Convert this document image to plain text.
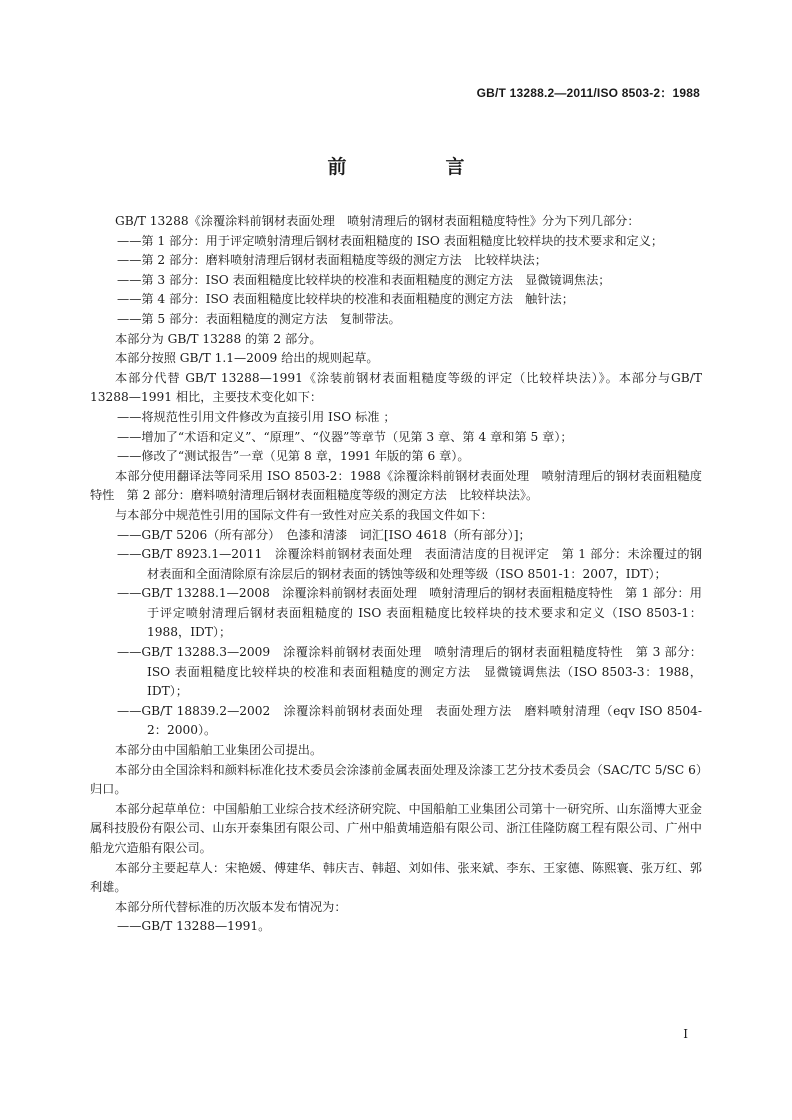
GB/T 13288.2—2011/ISO 8503-2：1988
前　言

GB/T 13288《涂覆涂料前钢材表面处理　喷射清理后的钢材表面粗糙度特性》分为下列几部分：

——第 1 部分：用于评定喷射清理后钢材表面粗糙度的 ISO 表面粗糙度比较样块的技术要求和定义；

——第 2 部分：磨料喷射清理后钢材表面粗糙度等级的测定方法　比较样块法；

——第 3 部分：ISO 表面粗糙度比较样块的校准和表面粗糙度的测定方法　显微镜调焦法；

——第 4 部分：ISO 表面粗糙度比较样块的校准和表面粗糙度的测定方法　触针法；

——第 5 部分：表面粗糙度的测定方法　复制带法。

本部分为 GB/T 13288 的第 2 部分。

本部分按照 GB/T 1.1—2009 给出的规则起草。

本部分代替 GB/T 13288—1991《涂装前钢材表面粗糙度等级的评定（比较样块法）》。本部分与GB/T 13288—1991 相比，主要技术变化如下：

——将规范性引用文件修改为直接引用 ISO 标准 ；

——增加了“术语和定义”、“原理”、“仪器”等章节（见第 3 章、第 4 章和第 5 章）；

——修改了“测试报告”一章（见第 8 章，1991 年版的第 6 章）。

本部分使用翻译法等同采用 ISO 8503-2：1988《涂覆涂料前钢材表面处理　喷射清理后的钢材表面粗糙度特性　第 2 部分：磨料喷射清理后钢材表面粗糙度等级的测定方法　比较样块法》。

与本部分中规范性引用的国际文件有一致性对应关系的我国文件如下：

——GB/T 5206（所有部分）　色漆和清漆　词汇[ISO 4618（所有部分）]；

——GB/T 8923.1—2011　涂覆涂料前钢材表面处理　表面清洁度的目视评定　第 1 部分：未涂覆过的钢材表面和全面清除原有涂层后的钢材表面的锈蚀等级和处理等级（ISO 8501-1：2007，IDT）；

——GB/T 13288.1—2008　涂覆涂料前钢材表面处理　喷射清理后的钢材表面粗糙度特性　第 1 部分：用于评定喷射清理后钢材表面粗糙度的 ISO 表面粗糙度比较样块的技术要求和定义（ISO 8503-1：1988，IDT）；

——GB/T 13288.3—2009　涂覆涂料前钢材表面处理　喷射清理后的钢材表面粗糙度特性　第 3 部分：ISO 表面粗糙度比较样块的校准和表面粗糙度的测定方法　显微镜调焦法（ISO 8503-3：1988，IDT）；

——GB/T 18839.2—2002　涂覆涂料前钢材表面处理　表面处理方法　磨料喷射清理（eqv ISO 8504-2：2000）。

本部分由中国船舶工业集团公司提出。

本部分由全国涂料和颜料标准化技术委员会涂漆前金属表面处理及涂漆工艺分技术委员会（SAC/TC 5/SC 6）归口。

本部分起草单位：中国船舶工业综合技术经济研究院、中国船舶工业集团公司第十一研究所、山东淄博大亚金属科技股份有限公司、山东开泰集团有限公司、广州中船黄埔造船有限公司、浙江佳隆防腐工程有限公司、广州中船龙穴造船有限公司。

本部分主要起草人：宋艳媛、傅建华、韩庆吉、韩超、刘如伟、张来斌、李东、王家德、陈熙寰、张万红、郭利雄。

本部分所代替标准的历次版本发布情况为：

——GB/T 13288—1991。

I
